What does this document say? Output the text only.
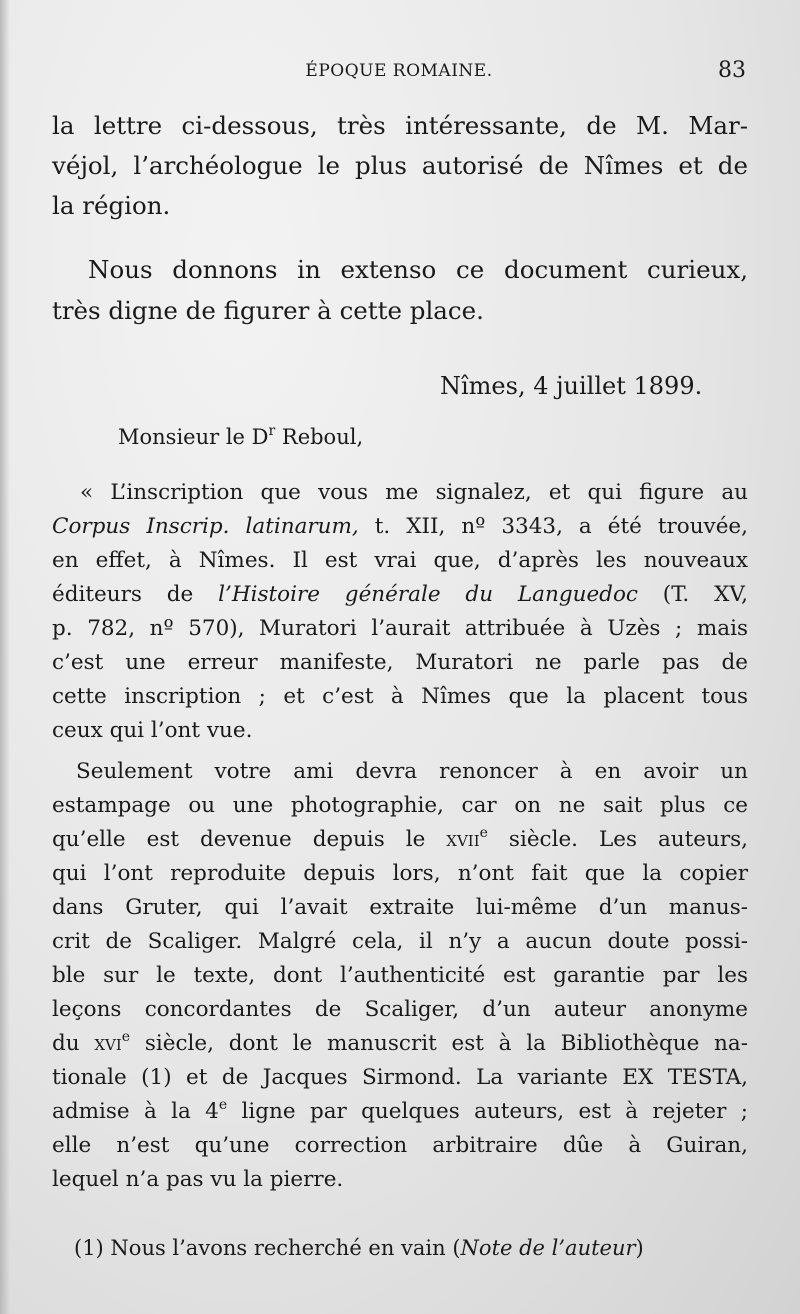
ÉPOQUE ROMAINE.	83
la lettre ci-dessous, très intéressante, de M. Mar-
véjol, l’archéologue le plus autorisé de Nîmes et de
la région.
Nous donnons in extenso ce document curieux,
très digne de figurer à cette place.
Nîmes, 4 juillet 1899.
Monsieur le $D^r$ Reboul,
« L’inscription que vous me signalez, et qui figure au
Corpus Inscrip. latinarum, t. XII, nº 3343, a été trouvée,
en effet, à Nîmes. Il est vrai que, d’après les nouveaux
éditeurs de l’Histoire générale du Languedoc (T. XV,
p. 782, nº 570), Muratori l’aurait attribuée à Uzès ; mais
c’est une erreur manifeste, Muratori ne parle pas de
cette inscription ; et c’est à Nîmes que la placent tous
ceux qui l’ont vue.
Seulement votre ami devra renoncer à en avoir un
estampage ou une photographie, car on ne sait plus ce
qu’elle est devenue depuis le xvii$^e$ siècle. Les auteurs,
qui l’ont reproduite depuis lors, n’ont fait que la copier
dans Gruter, qui l’avait extraite lui-même d’un manus-
crit de Scaliger. Malgré cela, il n’y a aucun doute possi-
ble sur le texte, dont l’authenticité est garantie par les
leçons concordantes de Scaliger, d’un auteur anonyme
du xvi$^e$ siècle, dont le manuscrit est à la Bibliothèque na-
tionale (1) et de Jacques Sirmond. La variante EX TESTA,
admise à la 4e ligne par quelques auteurs, est à rejeter ;
elle n’est qu’une correction arbitraire dûe à Guiran,
lequel n’a pas vu la pierre.
(1) Nous l’avons recherché en vain (Note de l’auteur)
